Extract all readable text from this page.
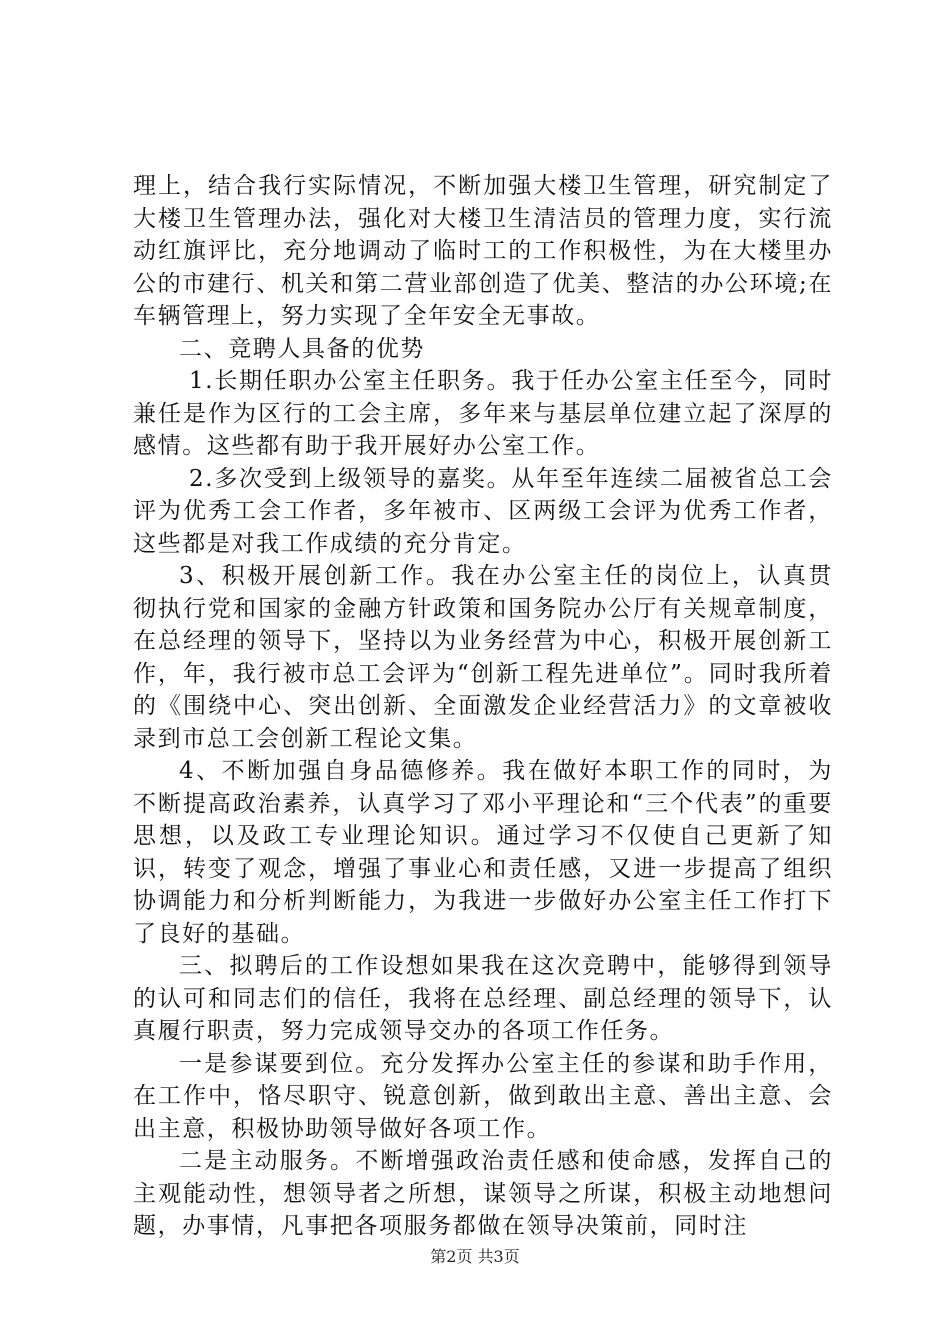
理上，结合我行实际情况，不断加强大楼卫生管理，研究制定了大楼卫生管理办法，强化对大楼卫生清洁员的管理力度，实行流动红旗评比，充分地调动了临时工的工作积极性，为在大楼里办公的市建行、机关和第二营业部创造了优美、整洁的办公环境;在车辆管理上，努力实现了全年安全无事故。

二、竞聘人具备的优势

1.长期任职办公室主任职务。我于任办公室主任至今，同时兼任是作为区行的工会主席，多年来与基层单位建立起了深厚的感情。这些都有助于我开展好办公室工作。

2.多次受到上级领导的嘉奖。从年至年连续二届被省总工会评为优秀工会工作者，多年被市、区两级工会评为优秀工作者，这些都是对我工作成绩的充分肯定。

3、积极开展创新工作。我在办公室主任的岗位上，认真贯彻执行党和国家的金融方针政策和国务院办公厅有关规章制度，在总经理的领导下，坚持以为业务经营为中心，积极开展创新工作，年，我行被市总工会评为“创新工程先进单位”。同时我所着的《围绕中心、突出创新、全面激发企业经营活力》的文章被收录到市总工会创新工程论文集。

4、不断加强自身品德修养。我在做好本职工作的同时，为不断提高政治素养，认真学习了邓小平理论和“三个代表”的重要思想，以及政工专业理论知识。通过学习不仅使自己更新了知识，转变了观念，增强了事业心和责任感，又进一步提高了组织协调能力和分析判断能力，为我进一步做好办公室主任工作打下了良好的基础。

三、拟聘后的工作设想如果我在这次竞聘中，能够得到领导的认可和同志们的信任，我将在总经理、副总经理的领导下，认真履行职责，努力完成领导交办的各项工作任务。

一是参谋要到位。充分发挥办公室主任的参谋和助手作用，在工作中，恪尽职守、锐意创新，做到敢出主意、善出主意、会出主意，积极协助领导做好各项工作。

二是主动服务。不断增强政治责任感和使命感，发挥自己的主观能动性，想领导者之所想，谋领导之所谋，积极主动地想问题，办事情，凡事把各项服务都做在领导决策前，同时注

第2页 共3页
